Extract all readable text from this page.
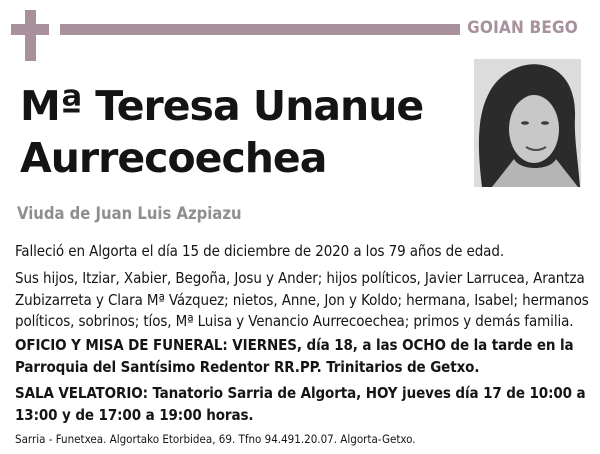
GOIAN BEGO
Mª Teresa Unanue
Aurrecoechea
Viuda de Juan Luis Azpiazu
Falleció en Algorta el día 15 de diciembre de 2020 a los 79 años de edad.
Sus hijos, Itziar, Xabier, Begoña, Josu y Ander; hijos políticos, Javier Larrucea, Arantza Zubizarreta y Clara Mª Vázquez; nietos, Anne, Jon y Koldo; hermana, Isabel; hermanos políticos, sobrinos; tíos, Mª Luisa y Venancio Aurrecoechea; primos y demás familia.
OFICIO Y MISA DE FUNERAL: VIERNES, día 18, a las OCHO de la tarde en la Parroquia del Santísimo Redentor RR.PP. Trinitarios de Getxo.
SALA VELATORIO: Tanatorio Sarria de Algorta, HOY jueves día 17 de 10:00 a 13:00 y de 17:00 a 19:00 horas.
Sarria - Funetxea. Algortako Etorbidea, 69. Tfno 94.491.20.07. Algorta-Getxo.
